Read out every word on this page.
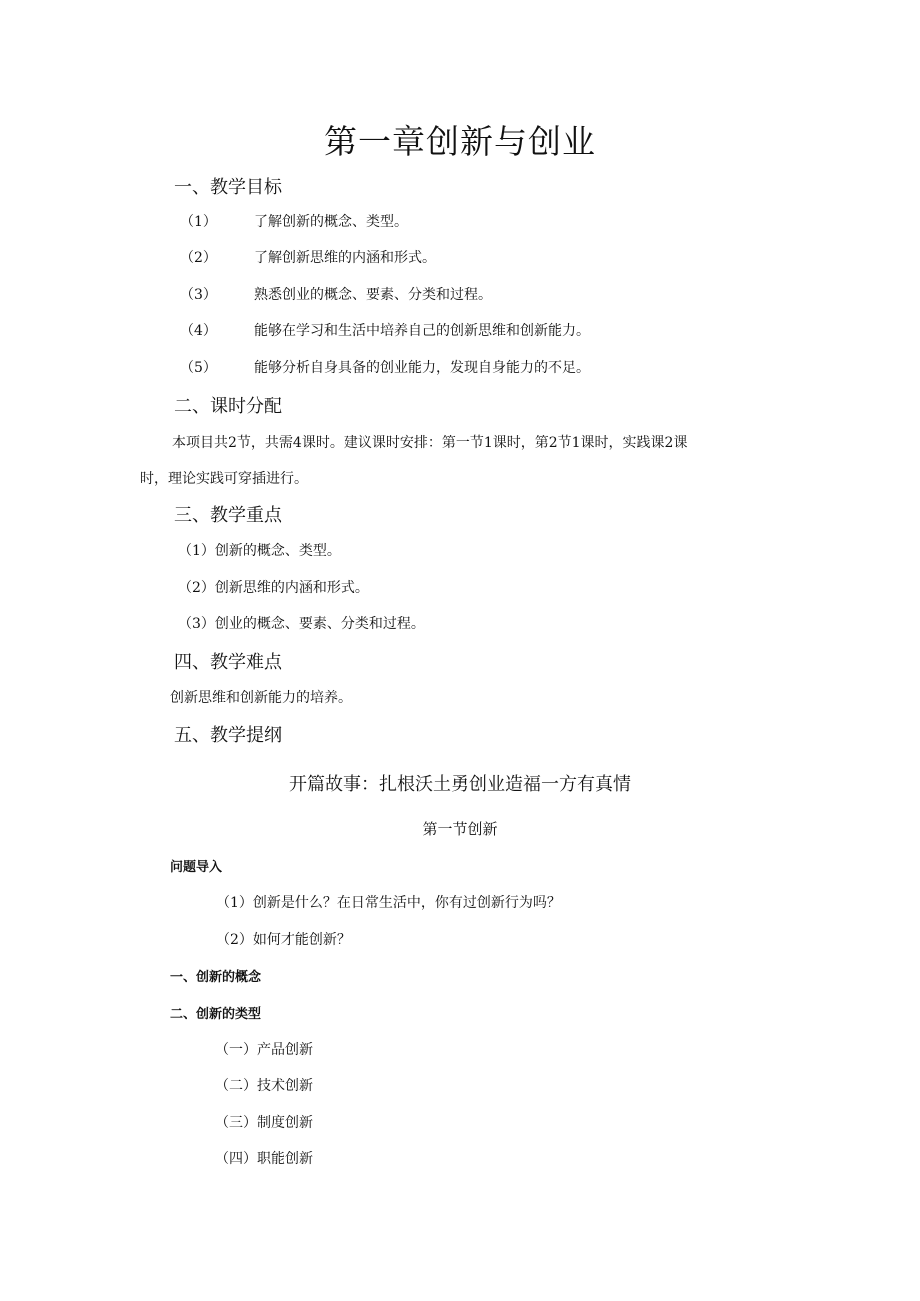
第一章创新与创业
一、教学目标
（1）	了解创新的概念、类型。
（2）	了解创新思维的内涵和形式。
（3）	熟悉创业的概念、要素、分类和过程。
（4）	能够在学习和生活中培养自己的创新思维和创新能力。
（5）	能够分析自身具备的创业能力，发现自身能力的不足。
二、课时分配
本项目共2节，共需4课时。建议课时安排：第一节1课时，第2节1课时，实践课2课
时，理论实践可穿插进行。
三、教学重点
（1）创新的概念、类型。
（2）创新思维的内涵和形式。
（3）创业的概念、要素、分类和过程。
四、教学难点
创新思维和创新能力的培养。
五、教学提纲
开篇故事：扎根沃土勇创业造福一方有真情
第一节创新
问题导入
（1）创新是什么？在日常生活中，你有过创新行为吗？
（2）如何才能创新？
一、创新的概念
二、创新的类型
（一）产品创新
（二）技术创新
（三）制度创新
（四）职能创新
